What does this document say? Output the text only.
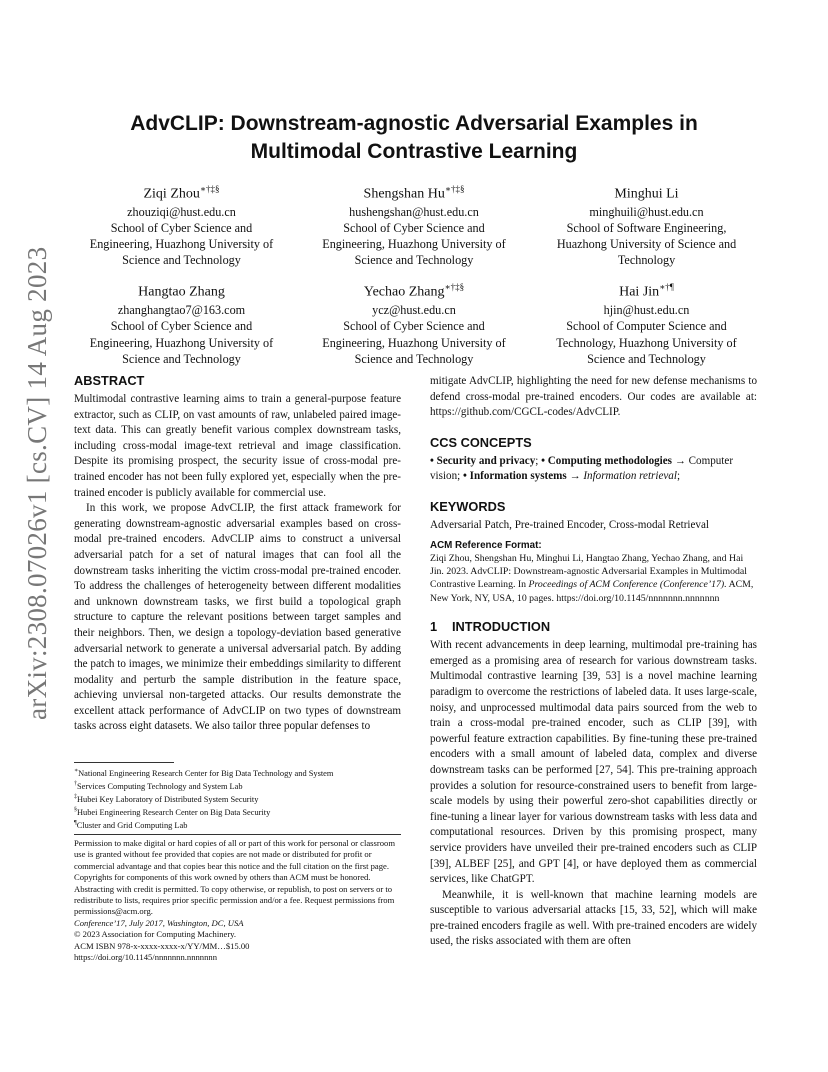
arXiv:2308.07026v1 [cs.CV] 14 Aug 2023
AdvCLIP: Downstream-agnostic Adversarial Examples in
Multimodal Contrastive Learning
Ziqi Zhou∗†‡§
zhouziqi@hust.edu.cn
School of Cyber Science and
Engineering, Huazhong University of
Science and Technology
Shengshan Hu∗†‡§
hushengshan@hust.edu.cn
School of Cyber Science and
Engineering, Huazhong University of
Science and Technology
Minghui Li
minghuili@hust.edu.cn
School of Software Engineering,
Huazhong University of Science and
Technology
Hangtao Zhang
zhanghangtao7@163.com
School of Cyber Science and
Engineering, Huazhong University of
Science and Technology
Yechao Zhang∗†‡§
ycz@hust.edu.cn
School of Cyber Science and
Engineering, Huazhong University of
Science and Technology
Hai Jin∗†¶
hjin@hust.edu.cn
School of Computer Science and
Technology, Huazhong University of
Science and Technology
ABSTRACT

Multimodal contrastive learning aims to train a general-purpose feature extractor, such as CLIP, on vast amounts of raw, unlabeled paired image-text data. This can greatly benefit various complex downstream tasks, including cross-modal image-text retrieval and image classification. Despite its promising prospect, the security issue of cross-modal pre-trained encoder has not been fully explored yet, especially when the pre-trained encoder is publicly available for commercial use.

In this work, we propose AdvCLIP, the first attack framework for generating downstream-agnostic adversarial examples based on cross-modal pre-trained encoders. AdvCLIP aims to construct a universal adversarial patch for a set of natural images that can fool all the downstream tasks inheriting the victim cross-modal pre-trained encoder. To address the challenges of heterogeneity between different modalities and unknown downstream tasks, we first build a topological graph structure to capture the relevant positions between target samples and their neighbors. Then, we design a topology-deviation based generative adversarial network to generate a universal adversarial patch. By adding the patch to images, we minimize their embeddings similarity to different modality and perturb the sample distribution in the feature space, achieving unviersal non-targeted attacks. Our results demonstrate the excellent attack performance of AdvCLIP on two types of downstream tasks across eight datasets. We also tailor three popular defenses to

∗National Engineering Research Center for Big Data Technology and System
†Services Computing Technology and System Lab
‡Hubei Key Laboratory of Distributed System Security
§Hubei Engineering Research Center on Big Data Security
¶Cluster and Grid Computing Lab
Permission to make digital or hard copies of all or part of this work for personal or classroom use is granted without fee provided that copies are not made or distributed for profit or commercial advantage and that copies bear this notice and the full citation on the first page. Copyrights for components of this work owned by others than ACM must be honored. Abstracting with credit is permitted. To copy otherwise, or republish, to post on servers or to redistribute to lists, requires prior specific permission and/or a fee. Request permissions from permissions@acm.org.
Conference’17, July 2017, Washington, DC, USA
© 2023 Association for Computing Machinery.
ACM ISBN 978-x-xxxx-xxxx-x/YY/MM…$15.00
https://doi.org/10.1145/nnnnnnn.nnnnnnn

mitigate AdvCLIP, highlighting the need for new defense mechanisms to defend cross-modal pre-trained encoders. Our codes are available at: https://github.com/CGCL-codes/AdvCLIP.

CCS CONCEPTS

• Security and privacy; • Computing methodologies → Computer vision; • Information systems → Information retrieval;

KEYWORDS

Adversarial Patch, Pre-trained Encoder, Cross-modal Retrieval

ACM Reference Format:
Ziqi Zhou, Shengshan Hu, Minghui Li, Hangtao Zhang, Yechao Zhang, and Hai Jin. 2023. AdvCLIP: Downstream-agnostic Adversarial Examples in Multimodal Contrastive Learning. In Proceedings of ACM Conference (Conference’17). ACM, New York, NY, USA, 10 pages. https://doi.org/10.1145/nnnnnnn.nnnnnnn
1 INTRODUCTION

With recent advancements in deep learning, multimodal pre-training has emerged as a promising area of research for various downstream tasks. Multimodal contrastive learning [39, 53] is a novel machine learning paradigm to overcome the restrictions of labeled data. It uses large-scale, noisy, and unprocessed multimodal data pairs sourced from the web to train a cross-modal pre-trained encoder, such as CLIP [39], with powerful feature extraction capabilities. By fine-tuning these pre-trained encoders with a small amount of labeled data, complex and diverse downstream tasks can be performed [27, 54]. This pre-training approach provides a solution for resource-constrained users to benefit from large-scale models by using their powerful zero-shot capabilities directly or fine-tuning a linear layer for various downstream tasks with less data and computational resources. Driven by this promising prospect, many service providers have unveiled their pre-trained encoders such as CLIP [39], ALBEF [25], and GPT [4], or have deployed them as commercial services, like ChatGPT.

Meanwhile, it is well-known that machine learning models are susceptible to various adversarial attacks [15, 33, 52], which will make pre-trained encoders fragile as well. With pre-trained encoders are widely used, the risks associated with them are often
